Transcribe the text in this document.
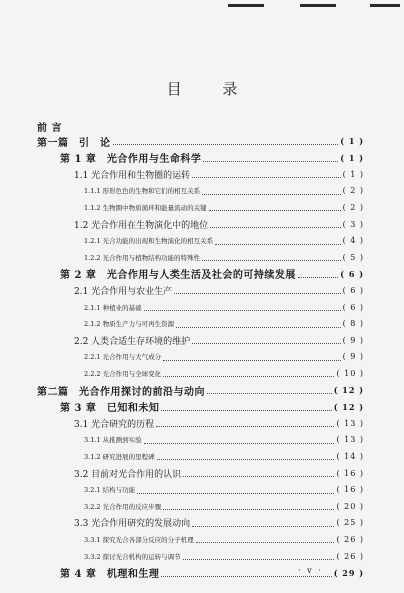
目 录
前 言
第一篇　引　论	( 1 )
第 1 章　光合作用与生命科学	( 1 )
1.1 光合作用和生物圈的运转	( 1 )
1.1.1 形形色色的生物和它们的相互关系	( 2 )
1.1.2 生物圈中物质循环和能量流动的关键	( 2 )
1.2 光合作用在生物演化中的地位	( 3 )
1.2.1 光合功能的出现和生物演化的相互关系	( 4 )
1.2.2 光合作用与植物结构功能的特殊性	( 5 )
第 2 章　光合作用与人类生活及社会的可持续发展	( 6 )
2.1 光合作用与农业生产	( 6 )
2.1.1 种植业的基础	( 6 )
2.1.2 物质生产力与可再生资源	( 8 )
2.2 人类合适生存环境的维护	( 9 )
2.2.1 光合作用与大气成分	( 9 )
2.2.2 光合作用与全球变化	( 10 )
第二篇　光合作用探讨的前沿与动向	( 12 )
第 3 章　已知和未知	( 12 )
3.1 光合研究的历程	( 13 )
3.1.1 从推测到实验	( 13 )
3.1.2 研究进展的里程碑	( 14 )
3.2 目前对光合作用的认识	( 16 )
3.2.1 结构与功能	( 16 )
3.2.2 光合作用的反应步骤	( 20 )
3.3 光合作用研究的发展动向	( 25 )
3.3.1 探究光合各部分反应的分子机理	( 26 )
3.3.2 探讨光合机构的运转与调节	( 26 )
第 4 章　机理和生理	( 29 )
· v ·
